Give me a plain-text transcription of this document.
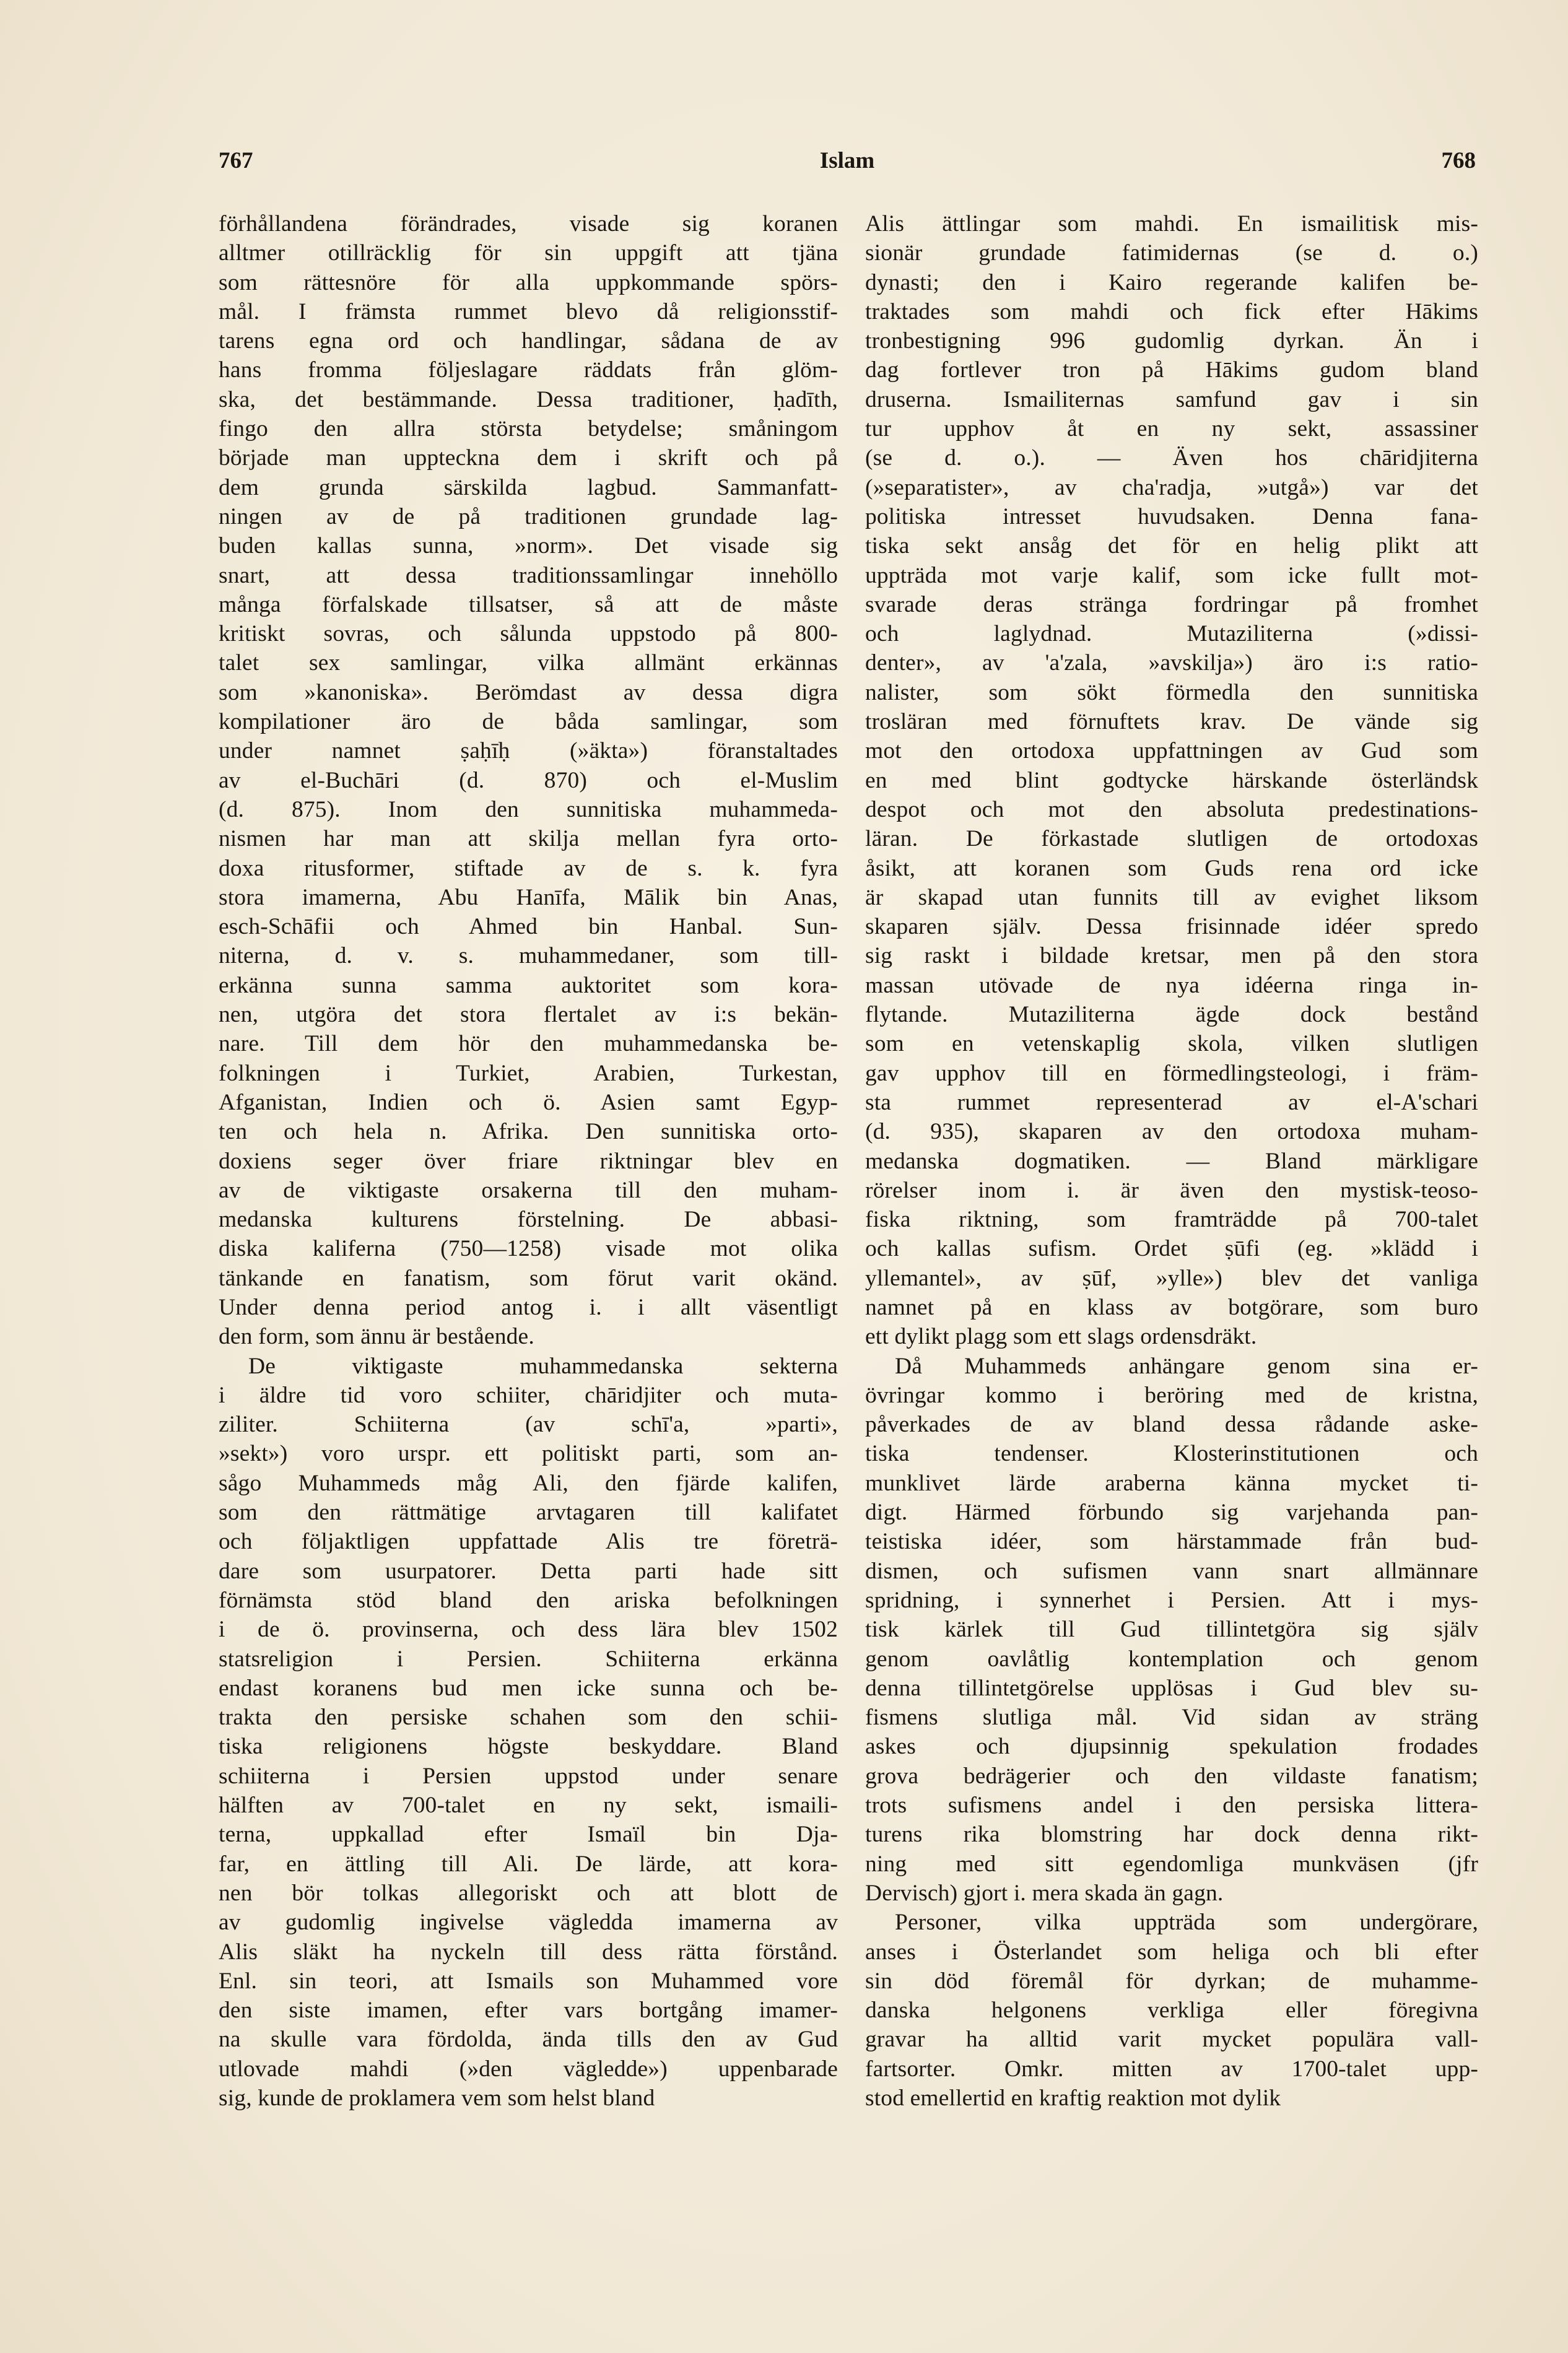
767	Islam	768
förhållandena förändrades, visade sig koranen
alltmer otillräcklig för sin uppgift att tjäna
som rättesnöre för alla uppkommande spörs-
mål. I främsta rummet blevo då religionsstif-
tarens egna ord och handlingar, sådana de av
hans fromma följeslagare räddats från glöm-
ska, det bestämmande. Dessa traditioner, ḥadīth,
fingo den allra största betydelse; småningom
började man uppteckna dem i skrift och på
dem grunda särskilda lagbud. Sammanfatt-
ningen av de på traditionen grundade lag-
buden kallas sunna, »norm». Det visade sig
snart, att dessa traditionssamlingar innehöllo
många förfalskade tillsatser, så att de måste
kritiskt sovras, och sålunda uppstodo på 800-
talet sex samlingar, vilka allmänt erkännas
som »kanoniska». Berömdast av dessa digra
kompilationer äro de båda samlingar, som
under namnet ṣaḥīḥ (»äkta») föranstaltades
av el-Buchāri (d. 870) och el-Muslim
(d. 875). Inom den sunnitiska muhammeda-
nismen har man att skilja mellan fyra orto-
doxa ritusformer, stiftade av de s. k. fyra
stora imamerna, Abu Hanīfa, Mālik bin Anas,
esch-Schāfii och Ahmed bin Hanbal. Sun-
niterna, d. v. s. muhammedaner, som till-
erkänna sunna samma auktoritet som kora-
nen, utgöra det stora flertalet av i:s bekän-
nare. Till dem hör den muhammedanska be-
folkningen i Turkiet, Arabien, Turkestan,
Afganistan, Indien och ö. Asien samt Egyp-
ten och hela n. Afrika. Den sunnitiska orto-
doxiens seger över friare riktningar blev en
av de viktigaste orsakerna till den muham-
medanska kulturens förstelning. De abbasi-
diska kaliferna (750—1258) visade mot olika
tänkande en fanatism, som förut varit okänd.
Under denna period antog i. i allt väsentligt
den form, som ännu är bestående.
De viktigaste muhammedanska sekterna
i äldre tid voro schiiter, chāridjiter och muta-
ziliter. Schiiterna (av schī'a, »parti»,
»sekt») voro urspr. ett politiskt parti, som an-
sågo Muhammeds måg Ali, den fjärde kalifen,
som den rättmätige arvtagaren till kalifatet
och följaktligen uppfattade Alis tre företrä-
dare som usurpatorer. Detta parti hade sitt
förnämsta stöd bland den ariska befolkningen
i de ö. provinserna, och dess lära blev 1502
statsreligion i Persien. Schiiterna erkänna
endast koranens bud men icke sunna och be-
trakta den persiske schahen som den schii-
tiska religionens högste beskyddare. Bland
schiiterna i Persien uppstod under senare
hälften av 700-talet en ny sekt, ismaili-
terna, uppkallad efter Ismaïl bin Dja-
far, en ättling till Ali. De lärde, att kora-
nen bör tolkas allegoriskt och att blott de
av gudomlig ingivelse vägledda imamerna av
Alis släkt ha nyckeln till dess rätta förstånd.
Enl. sin teori, att Ismails son Muhammed vore
den siste imamen, efter vars bortgång imamer-
na skulle vara fördolda, ända tills den av Gud
utlovade mahdi (»den vägledde») uppenbarade
sig, kunde de proklamera vem som helst bland
Alis ättlingar som mahdi. En ismailitisk mis-
sionär grundade fatimidernas (se d. o.)
dynasti; den i Kairo regerande kalifen be-
traktades som mahdi och fick efter Hākims
tronbestigning 996 gudomlig dyrkan. Än i
dag fortlever tron på Hākims gudom bland
druserna. Ismailiternas samfund gav i sin
tur upphov åt en ny sekt, assassiner
(se d. o.). — Även hos chāridjiterna
(»separatister», av cha'radja, »utgå») var det
politiska intresset huvudsaken. Denna fana-
tiska sekt ansåg det för en helig plikt att
uppträda mot varje kalif, som icke fullt mot-
svarade deras stränga fordringar på fromhet
och laglydnad. Mutaziliterna (»dissi-
denter», av 'a'zala, »avskilja») äro i:s ratio-
nalister, som sökt förmedla den sunnitiska
trosläran med förnuftets krav. De vände sig
mot den ortodoxa uppfattningen av Gud som
en med blint godtycke härskande österländsk
despot och mot den absoluta predestinations-
läran. De förkastade slutligen de ortodoxas
åsikt, att koranen som Guds rena ord icke
är skapad utan funnits till av evighet liksom
skaparen själv. Dessa frisinnade idéer spredo
sig raskt i bildade kretsar, men på den stora
massan utövade de nya idéerna ringa in-
flytande. Mutaziliterna ägde dock bestånd
som en vetenskaplig skola, vilken slutligen
gav upphov till en förmedlingsteologi, i främ-
sta rummet representerad av el-A'schari
(d. 935), skaparen av den ortodoxa muham-
medanska dogmatiken. — Bland märkligare
rörelser inom i. är även den mystisk-teoso-
fiska riktning, som framträdde på 700-talet
och kallas sufism. Ordet ṣūfi (eg. »klädd i
yllemantel», av ṣūf, »ylle») blev det vanliga
namnet på en klass av botgörare, som buro
ett dylikt plagg som ett slags ordensdräkt.
Då Muhammeds anhängare genom sina er-
övringar kommo i beröring med de kristna,
påverkades de av bland dessa rådande aske-
tiska tendenser. Klosterinstitutionen och
munklivet lärde araberna känna mycket ti-
digt. Härmed förbundo sig varjehanda pan-
teistiska idéer, som härstammade från bud-
dismen, och sufismen vann snart allmännare
spridning, i synnerhet i Persien. Att i mys-
tisk kärlek till Gud tillintetgöra sig själv
genom oavlåtlig kontemplation och genom
denna tillintetgörelse upplösas i Gud blev su-
fismens slutliga mål. Vid sidan av sträng
askes och djupsinnig spekulation frodades
grova bedrägerier och den vildaste fanatism;
trots sufismens andel i den persiska littera-
turens rika blomstring har dock denna rikt-
ning med sitt egendomliga munkväsen (jfr
Dervisch) gjort i. mera skada än gagn.
Personer, vilka uppträda som undergörare,
anses i Österlandet som heliga och bli efter
sin död föremål för dyrkan; de muhamme-
danska helgonens verkliga eller föregivna
gravar ha alltid varit mycket populära vall-
fartsorter. Omkr. mitten av 1700-talet upp-
stod emellertid en kraftig reaktion mot dylik
